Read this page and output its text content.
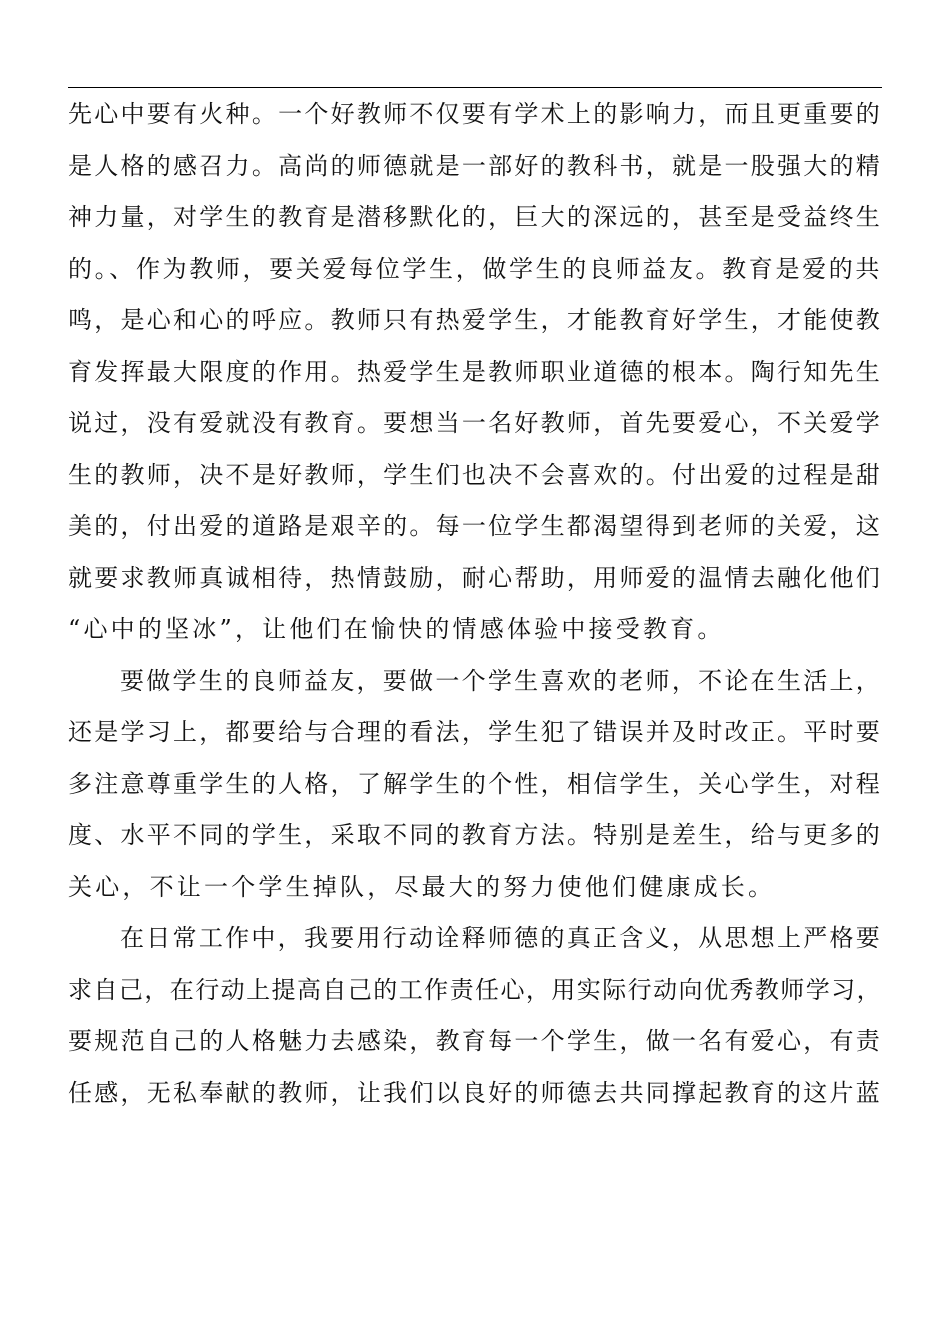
先心中要有火种。一个好教师不仅要有学术上的影响力，而且更重要的
是人格的感召力。高尚的师德就是一部好的教科书，就是一股强大的精
神力量，对学生的教育是潜移默化的，巨大的深远的，甚至是受益终生
的。、作为教师，要关爱每位学生，做学生的良师益友。教育是爱的共
鸣，是心和心的呼应。教师只有热爱学生，才能教育好学生，才能使教
育发挥最大限度的作用。热爱学生是教师职业道德的根本。陶行知先生
说过，没有爱就没有教育。要想当一名好教师，首先要爱心，不关爱学
生的教师，决不是好教师，学生们也决不会喜欢的。付出爱的过程是甜
美的，付出爱的道路是艰辛的。每一位学生都渴望得到老师的关爱，这
就要求教师真诚相待，热情鼓励，耐心帮助，用师爱的温情去融化他们
“心中的坚冰”，让他们在愉快的情感体验中接受教育。
要做学生的良师益友，要做一个学生喜欢的老师，不论在生活上，
还是学习上，都要给与合理的看法，学生犯了错误并及时改正。平时要
多注意尊重学生的人格，了解学生的个性，相信学生，关心学生，对程
度、水平不同的学生，采取不同的教育方法。特别是差生，给与更多的
关心，不让一个学生掉队，尽最大的努力使他们健康成长。
在日常工作中，我要用行动诠释师德的真正含义，从思想上严格要
求自己，在行动上提高自己的工作责任心，用实际行动向优秀教师学习，
要规范自己的人格魅力去感染，教育每一个学生，做一名有爱心，有责
任感，无私奉献的教师，让我们以良好的师德去共同撑起教育的这片蓝
